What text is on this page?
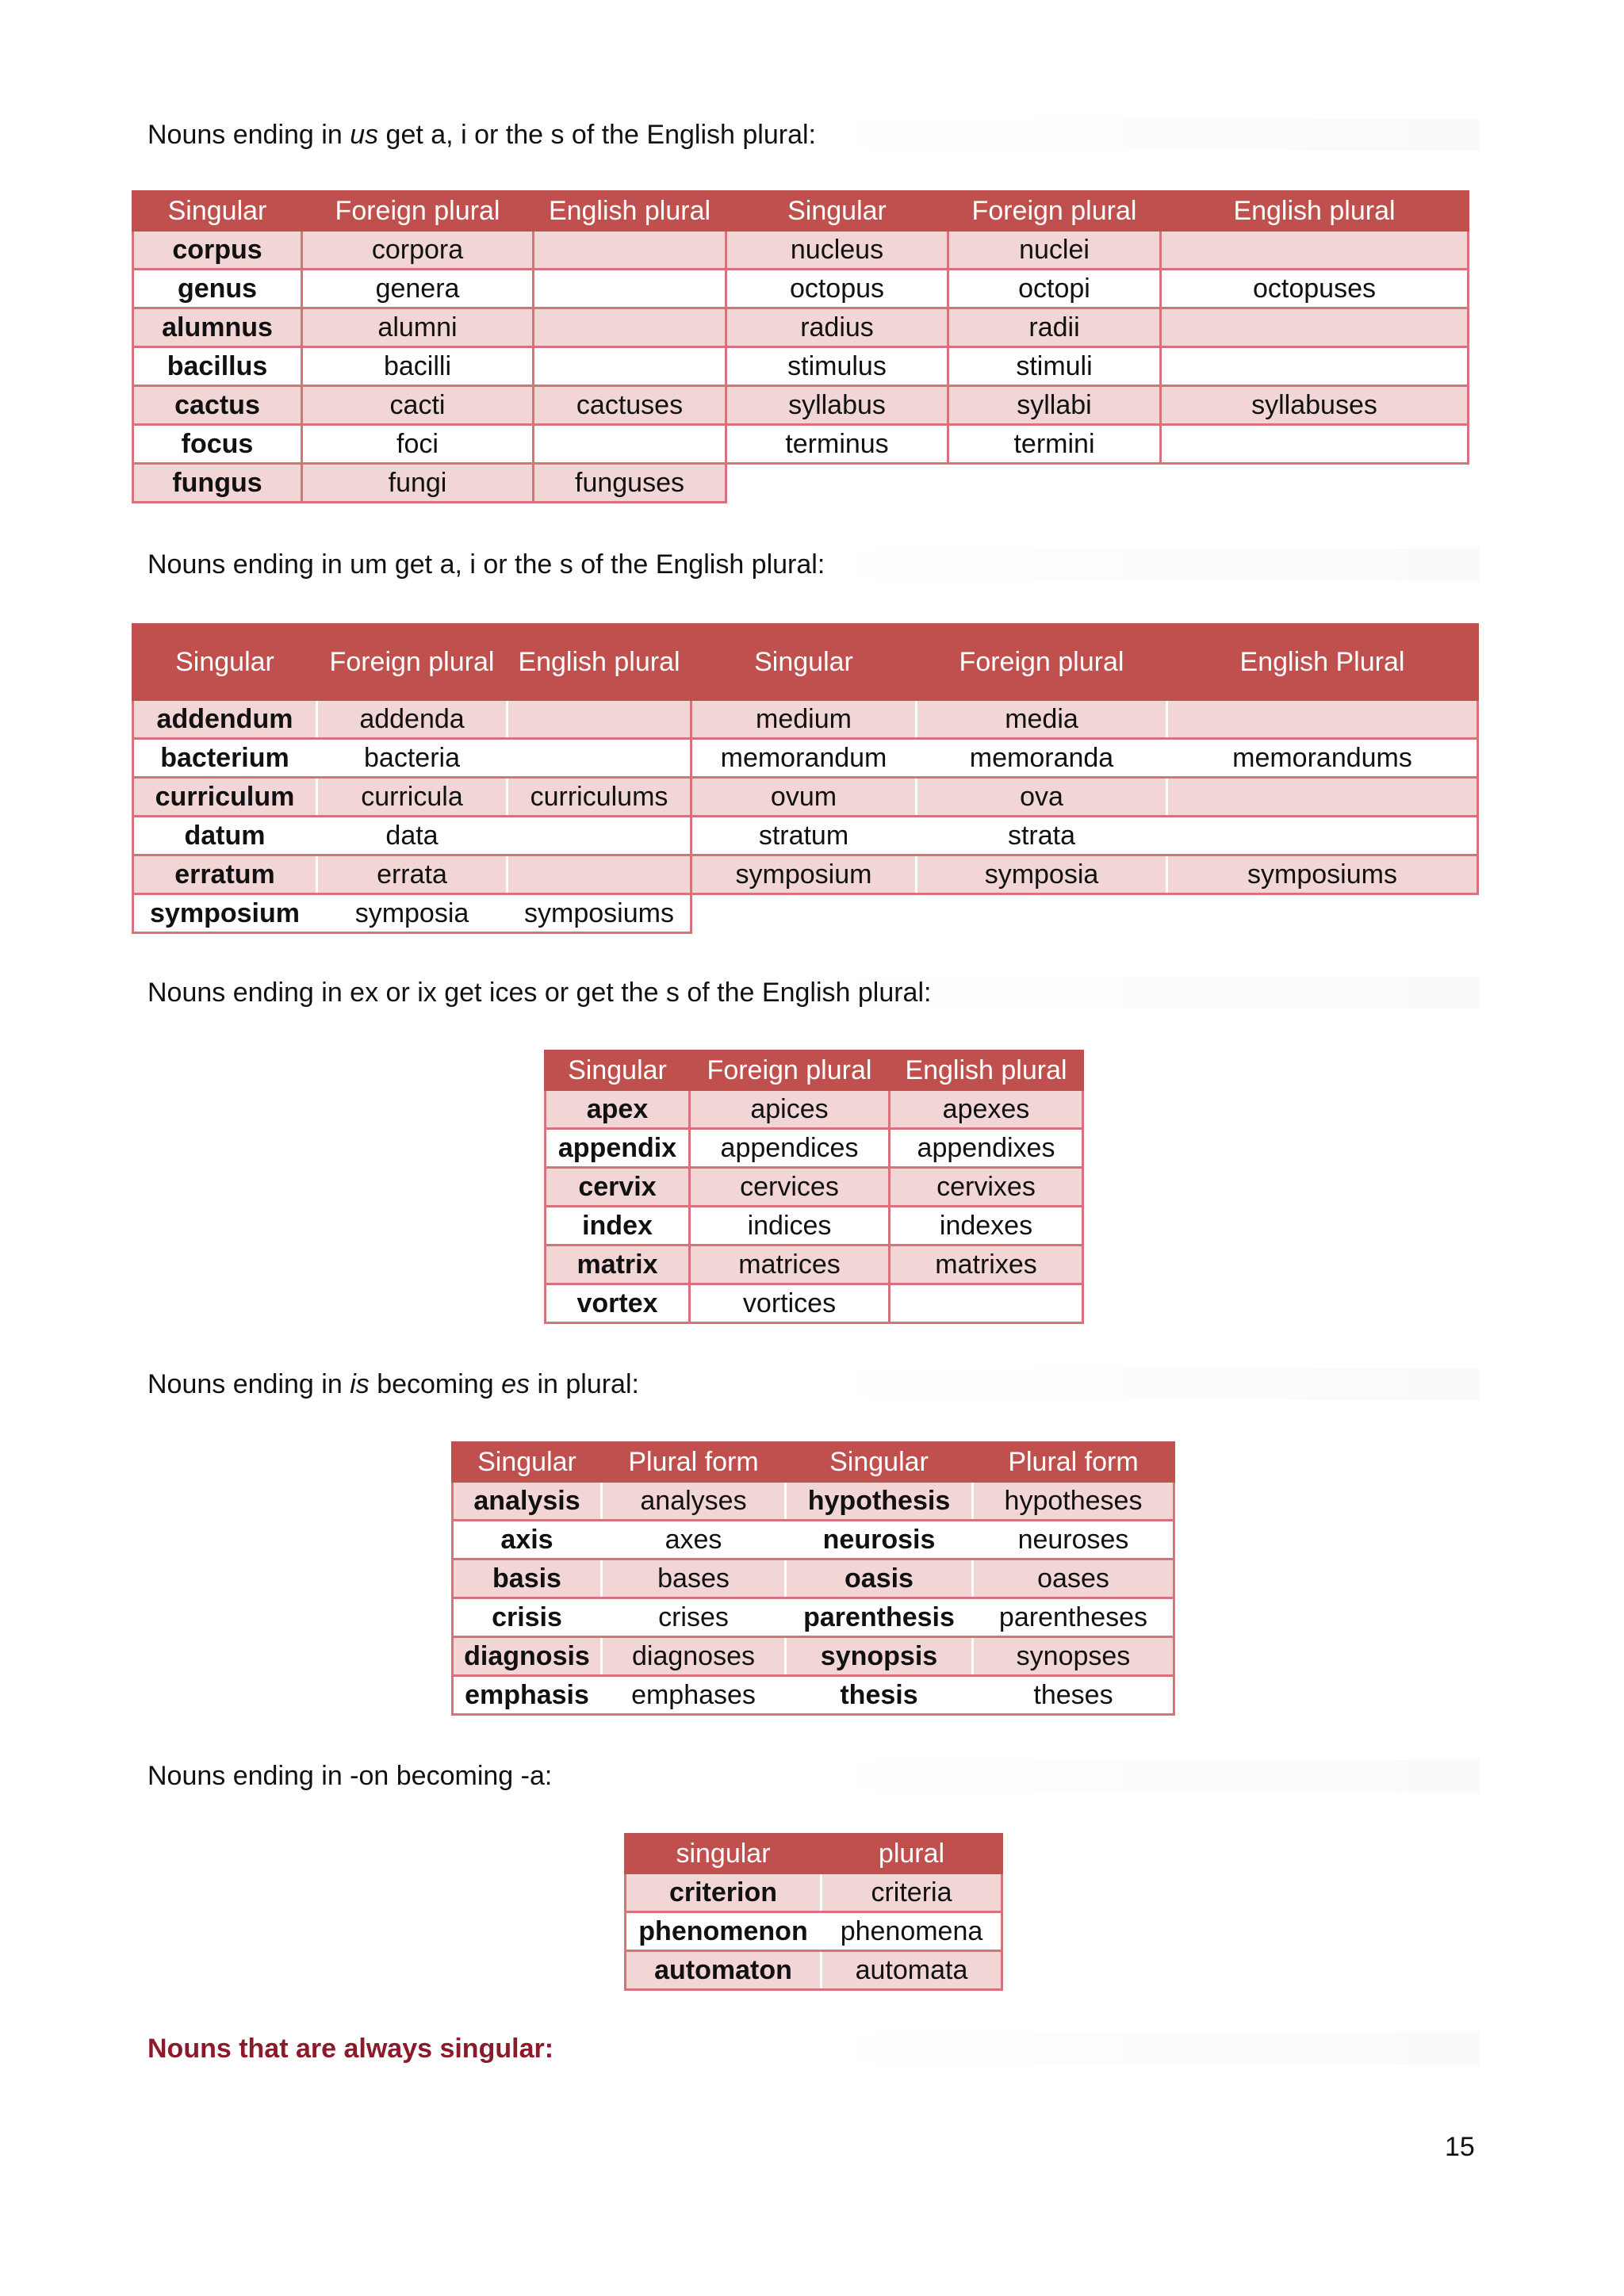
Nouns ending in us get a, i or the s of the English plural:
Singular	Foreign plural	English plural	Singular	Foreign plural	English plural
corpus	corpora		nucleus	nuclei	
genus	genera		octopus	octopi	octopuses
alumnus	alumni		radius	radii	
bacillus	bacilli		stimulus	stimuli	
cactus	cacti	cactuses	syllabus	syllabi	syllabuses
focus	foci		terminus	termini	
fungus	fungi	funguses			
Nouns ending in um get a, i or the s of the English plural:
Singular	Foreign plural	English plural	Singular	Foreign plural	English Plural
addendum	addenda		medium	media	
bacterium	bacteria		memorandum	memoranda	memorandums
curriculum	curricula	curriculums	ovum	ova	
datum	data		stratum	strata	
erratum	errata		symposium	symposia	symposiums
symposium	symposia	symposiums			
Nouns ending in ex or ix get ices or get the s of the English plural:
Singular	Foreign plural	English plural
apex	apices	apexes
appendix	appendices	appendixes
cervix	cervices	cervixes
index	indices	indexes
matrix	matrices	matrixes
vortex	vortices	
Nouns ending in is becoming es in plural:
Singular	Plural form	Singular	Plural form
analysis	analyses	hypothesis	hypotheses
axis	axes	neurosis	neuroses
basis	bases	oasis	oases
crisis	crises	parenthesis	parentheses
diagnosis	diagnoses	synopsis	synopses
emphasis	emphases	thesis	theses
Nouns ending in -on becoming -a:
singular	plural
criterion	criteria
phenomenon	phenomena
automaton	automata
Nouns that are always singular:
15
